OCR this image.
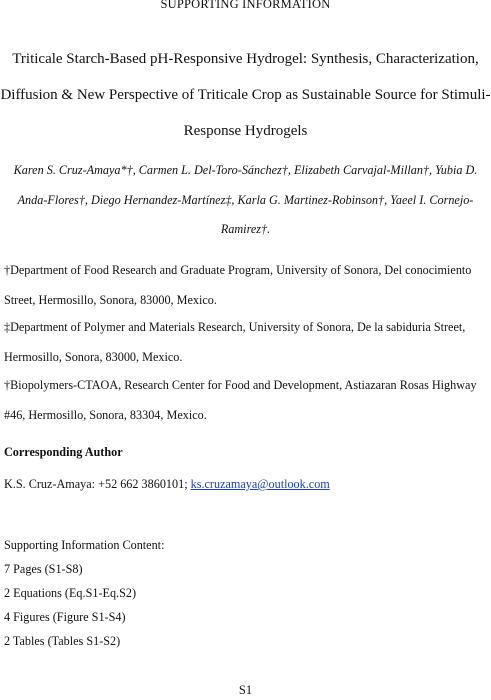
SUPPORTING INFORMATION
Triticale Starch-Based pH-Responsive Hydrogel: Synthesis, Characterization,
Diffusion & New Perspective of Triticale Crop as Sustainable Source for Stimuli-
Response Hydrogels
Karen S. Cruz-Amaya*†, Carmen L. Del-Toro-Sánchez†, Elizabeth Carvajal-Millan†, Yubia D.
Anda-Flores†, Diego Hernandez-Martínez‡, Karla G. Martinez-Robinson†, Yaeel I. Cornejo-
Ramirez†.
†Department of Food Research and Graduate Program, University of Sonora, Del conocimiento
Street, Hermosillo, Sonora, 83000, Mexico.
‡Department of Polymer and Materials Research, University of Sonora, De la sabiduria Street,
Hermosillo, Sonora, 83000, Mexico.
†Biopolymers-CTAOA, Research Center for Food and Development, Astiazaran Rosas Highway
#46, Hermosillo, Sonora, 83304, Mexico.
Corresponding Author
K.S. Cruz-Amaya: +52 662 3860101; ks.cruzamaya@outlook.com
Supporting Information Content:
7 Pages (S1-S8)
2 Equations (Eq.S1-Eq.S2)
4 Figures (Figure S1-S4)
2 Tables (Tables S1-S2)
S1
